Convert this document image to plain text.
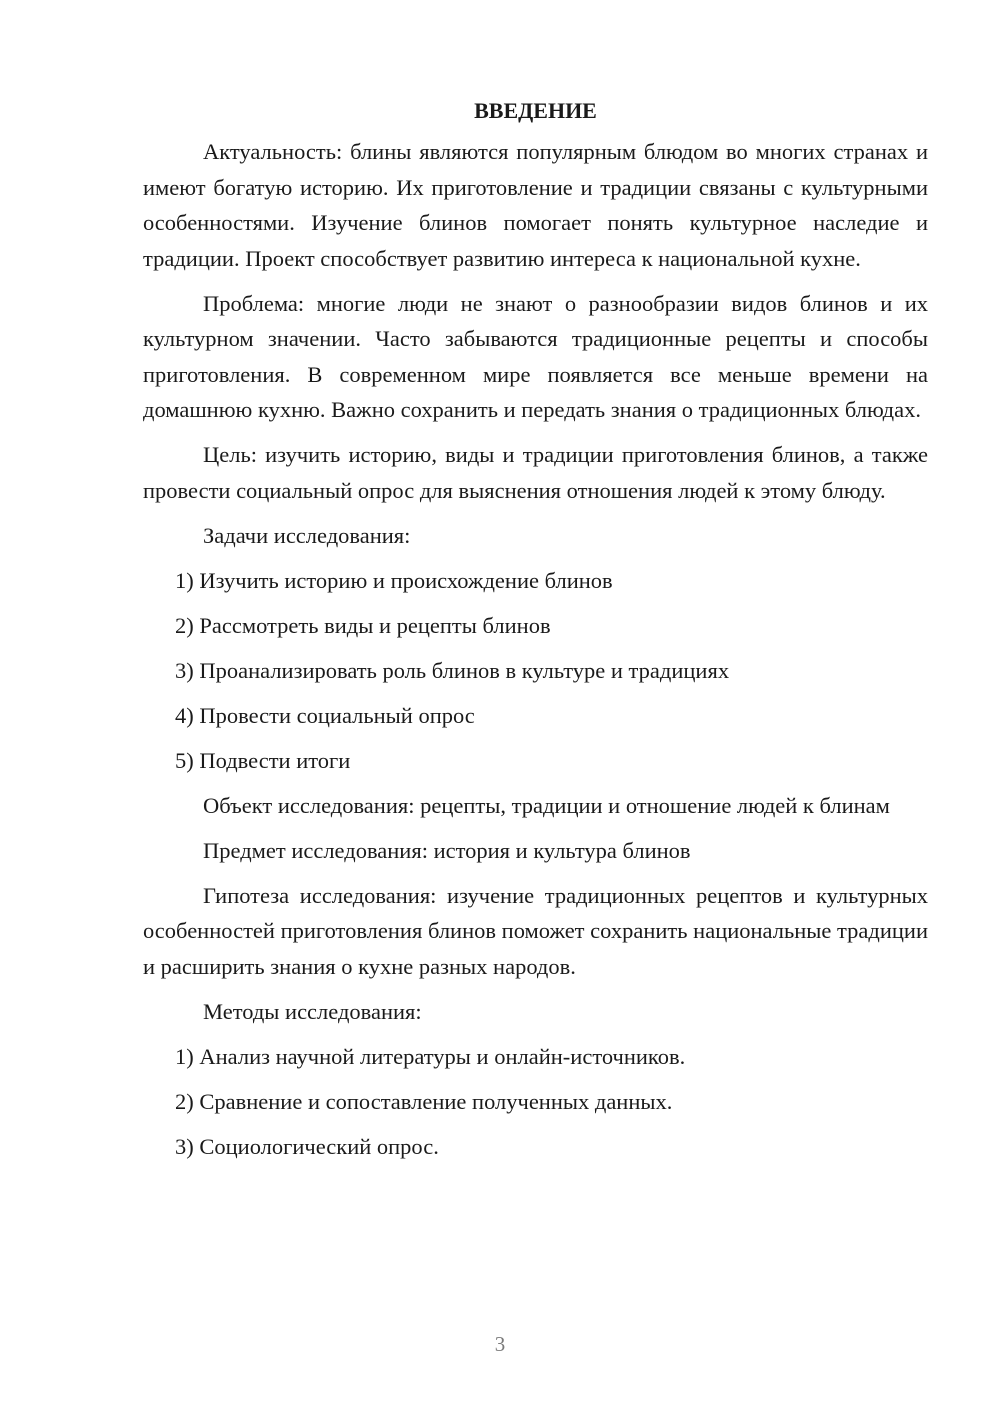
ВВЕДЕНИЕ

Актуальность: блины являются популярным блюдом во многих странах и имеют богатую историю. Их приготовление и традиции связаны с культурными особенностями. Изучение блинов помогает понять культурное наследие и традиции. Проект способствует развитию интереса к национальной кухне.

Проблема: многие люди не знают о разнообразии видов блинов и их культурном значении. Часто забываются традиционные рецепты и способы приготовления. В современном мире появляется все меньше времени на домашнюю кухню. Важно сохранить и передать знания о традиционных блюдах.

Цель: изучить историю, виды и традиции приготовления блинов, а также провести социальный опрос для выяснения отношения людей к этому блюду.

Задачи исследования:

1) Изучить историю и происхождение блинов

2) Рассмотреть виды и рецепты блинов

3) Проанализировать роль блинов в культуре и традициях

4) Провести социальный опрос

5) Подвести итоги

Объект исследования: рецепты, традиции и отношение людей к блинам

Предмет исследования: история и культура блинов

Гипотеза исследования: изучение традиционных рецептов и культурных особенностей приготовления блинов поможет сохранить национальные традиции и расширить знания о кухне разных народов.

Методы исследования:

1) Анализ научной литературы и онлайн-источников.

2) Сравнение и сопоставление полученных данных.

3) Социологический опрос.

3
